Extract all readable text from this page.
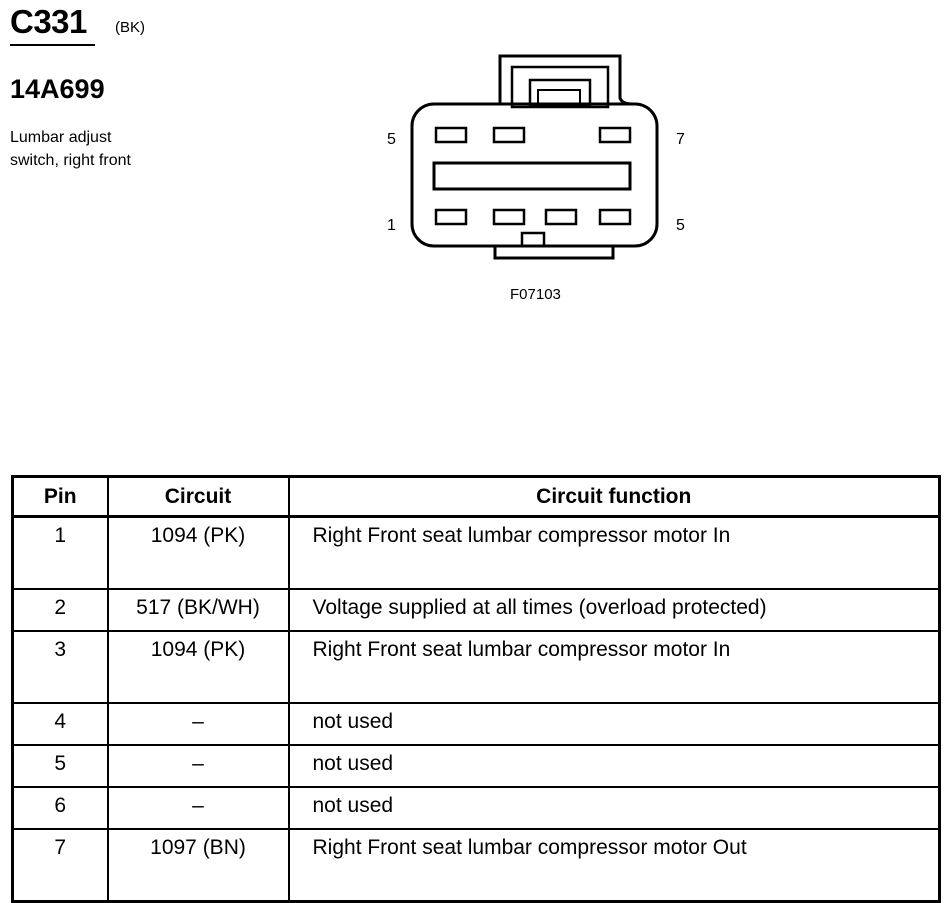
C331 (BK)
14A699
Lumbar adjust
switch, right front
5	7
1	5
F07103
Pin	Circuit	Circuit function
1	1094 (PK)	Right Front seat lumbar compressor motor In
2	517 (BK/WH)	Voltage supplied at all times (overload protected)
3	1094 (PK)	Right Front seat lumbar compressor motor In
4	–	not used
5	–	not used
6	–	not used
7	1097 (BN)	Right Front seat lumbar compressor motor Out
